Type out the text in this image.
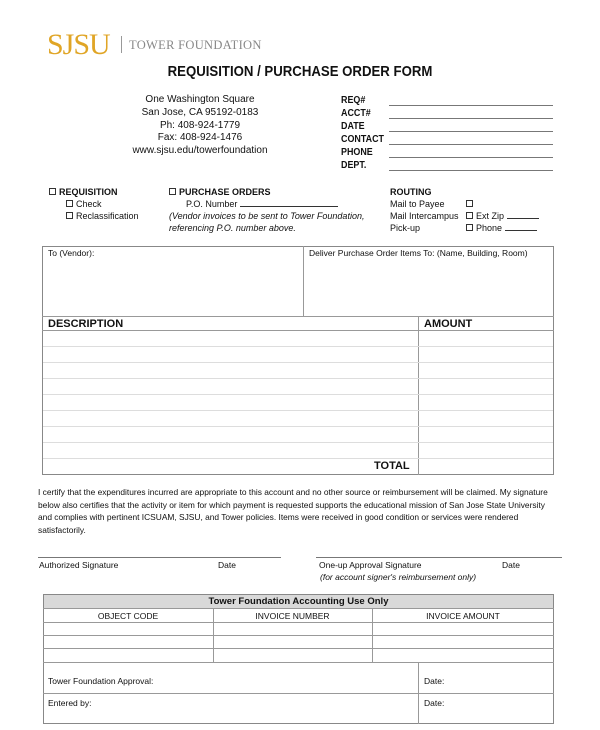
SJSU TOWER FOUNDATION
REQUISITION / PURCHASE ORDER FORM
One Washington Square
San Jose, CA 95192-0183
Ph: 408-924-1779
Fax: 408-924-1476
www.sjsu.edu/towerfoundation
REQ#
ACCT#
DATE
CONTACT
PHONE
DEPT.
REQUISITION
Check
Reclassification
PURCHASE ORDERS
P.O. Number
(Vendor invoices to be sent to Tower Foundation,
referencing P.O. number above.
ROUTING
Mail to Payee
Mail Intercampus
Pick-up
Ext Zip
Phone
To (Vendor):	Deliver Purchase Order Items To: (Name, Building, Room)
DESCRIPTION	AMOUNT
TOTAL
I certify that the expenditures incurred are appropriate to this account and no other source or reimbursement will be claimed. My signature below also certifies that the activity or item for which payment is requested supports the educational mission of San Jose State University and complies with pertinent ICSUAM, SJSU, and Tower policies. Items were received in good condition or services were rendered satisfactorily.
Authorized Signature	Date	One-up Approval Signature
(for account signer's reimbursement only)
Date
Tower Foundation Accounting Use Only
OBJECT CODE	INVOICE NUMBER	INVOICE AMOUNT
Tower Foundation Approval:	Date:
Entered by:	Date:
